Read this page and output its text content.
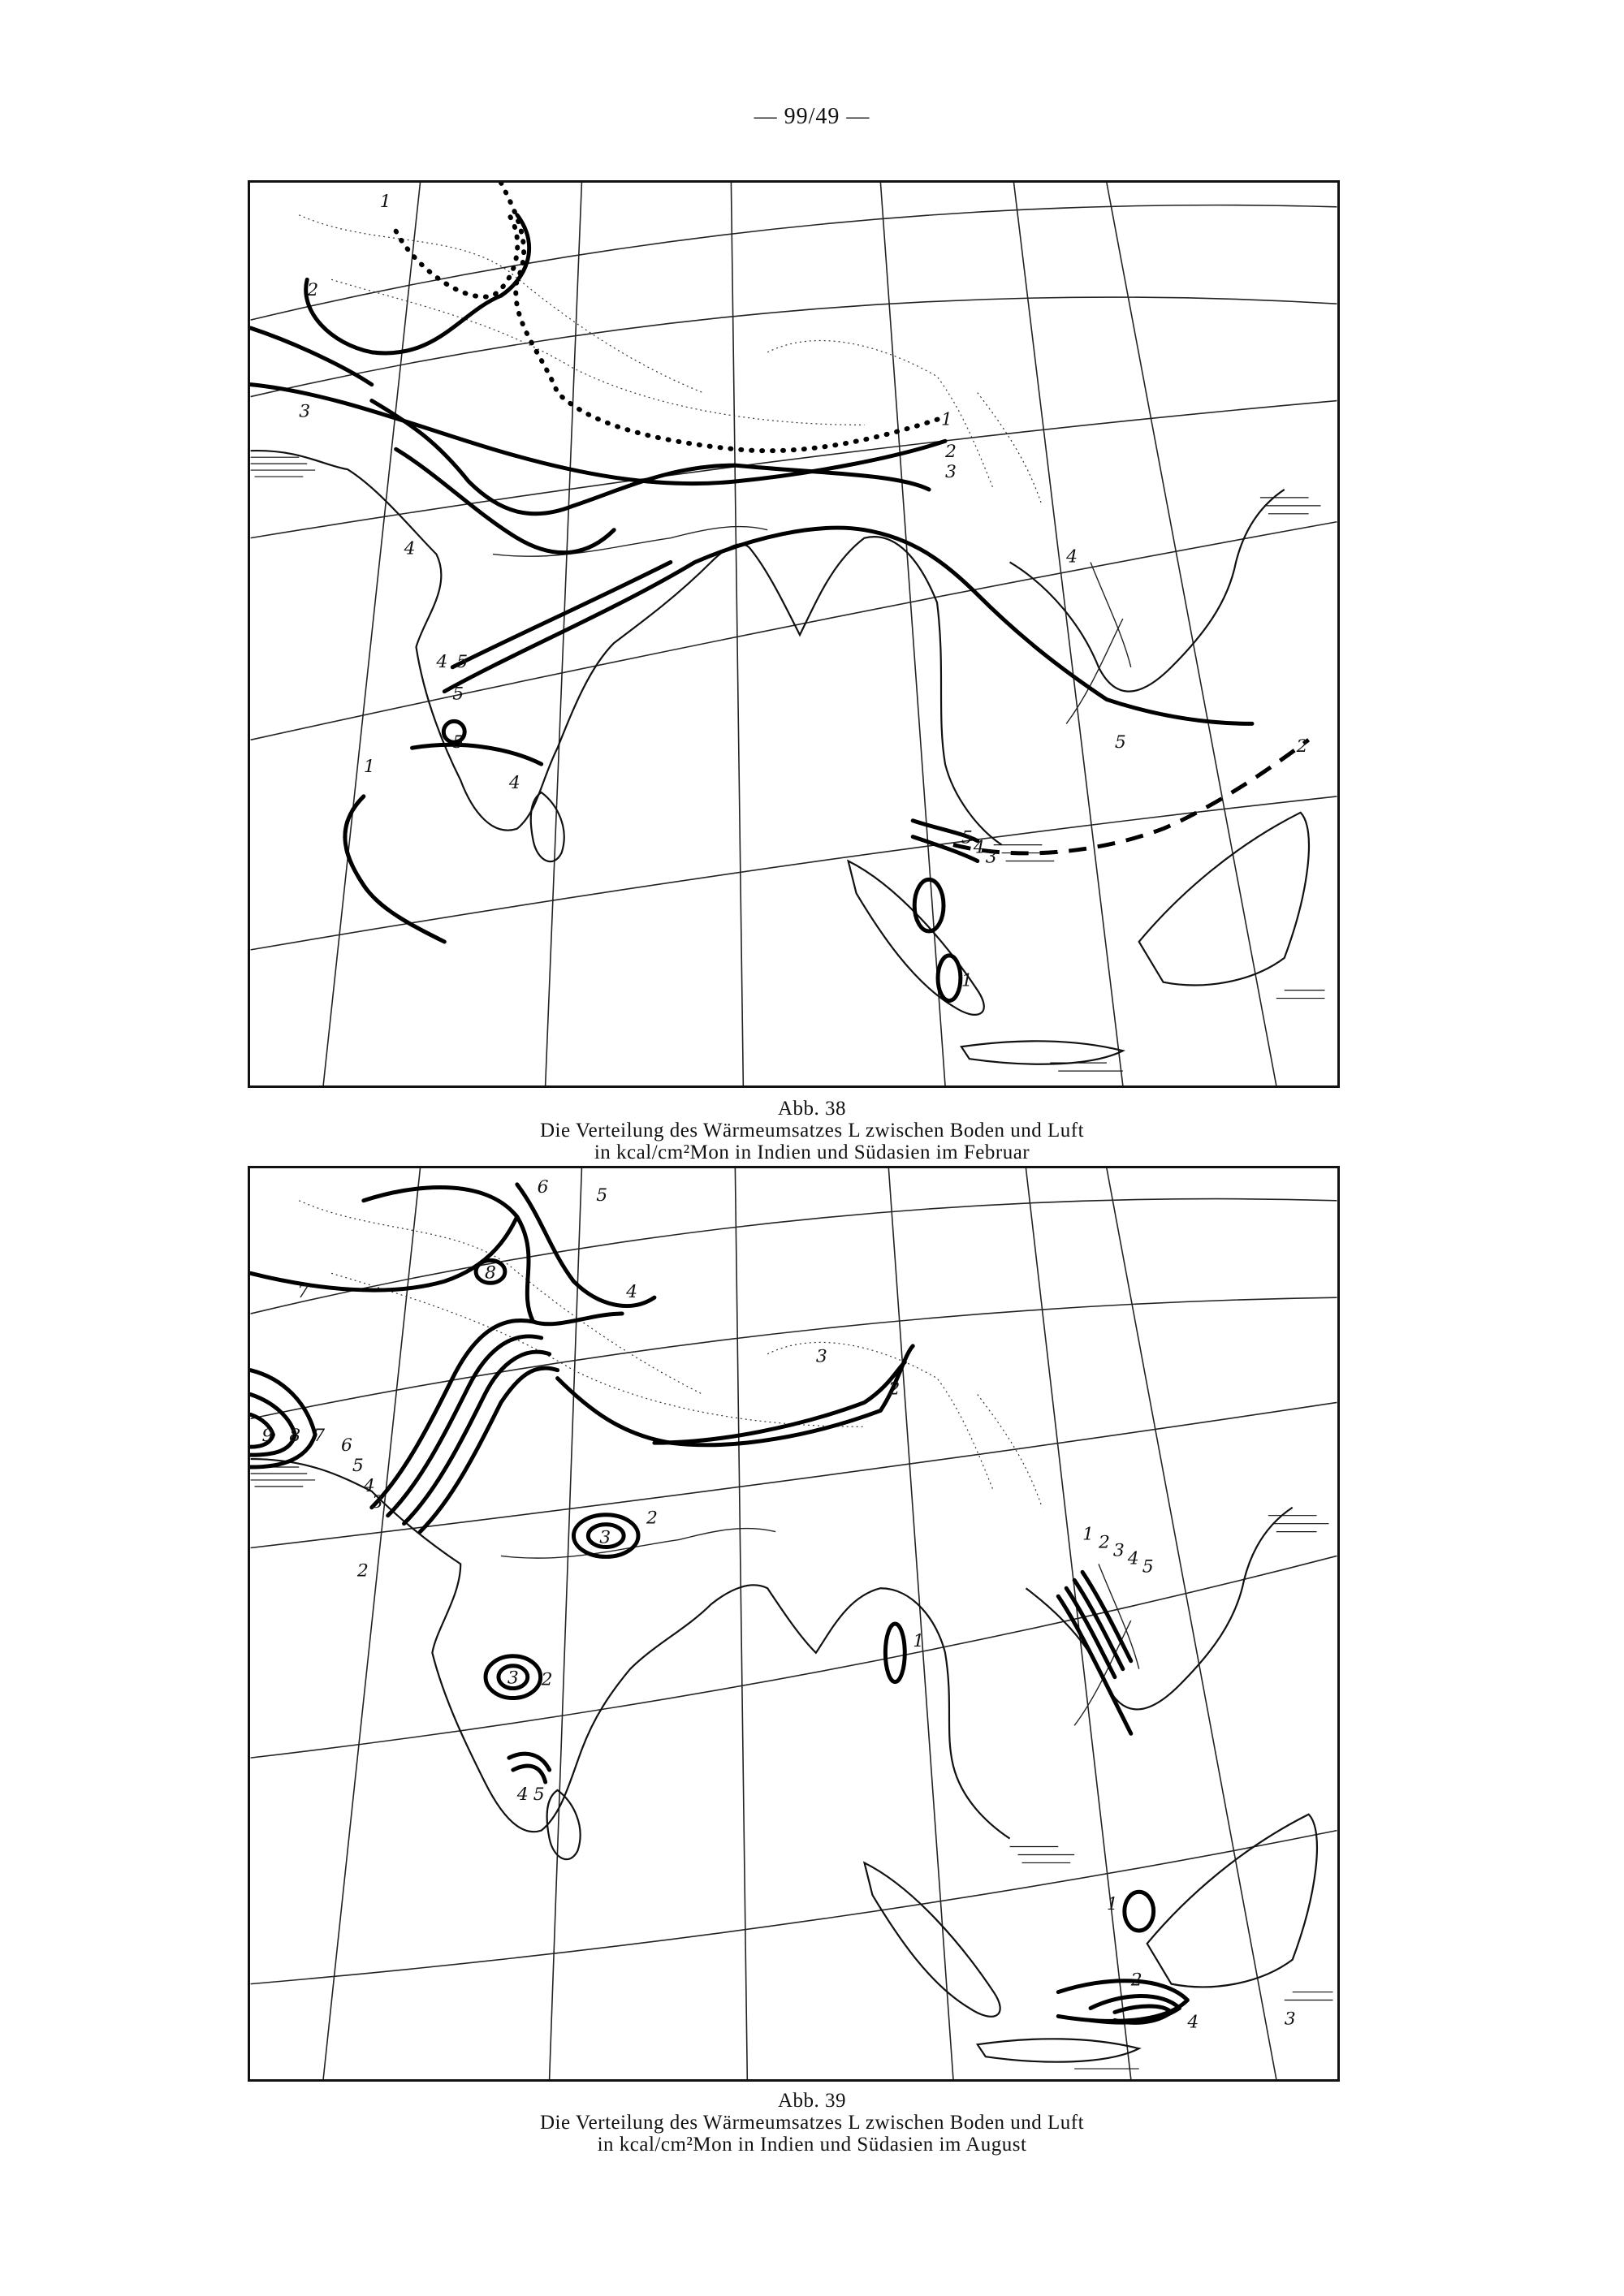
— 99/49 —
1
2
3
4
5
1
2
3
4
5
4
5	5
4
1
2
5 4 3
1
Abb. 38
Die Verteilung des Wärmeumsatzes L zwischen Boden und Luft
in kcal/cm²Mon in Indien und Südasien im Februar
6	5
7
8
4
9 8 7 6
5
4
3
3
2
3
2
2
3 2
4 5
1 2 3 4 5
1
1
2
3
4
Abb. 39
Die Verteilung des Wärmeumsatzes L zwischen Boden und Luft
in kcal/cm²Mon in Indien und Südasien im August
